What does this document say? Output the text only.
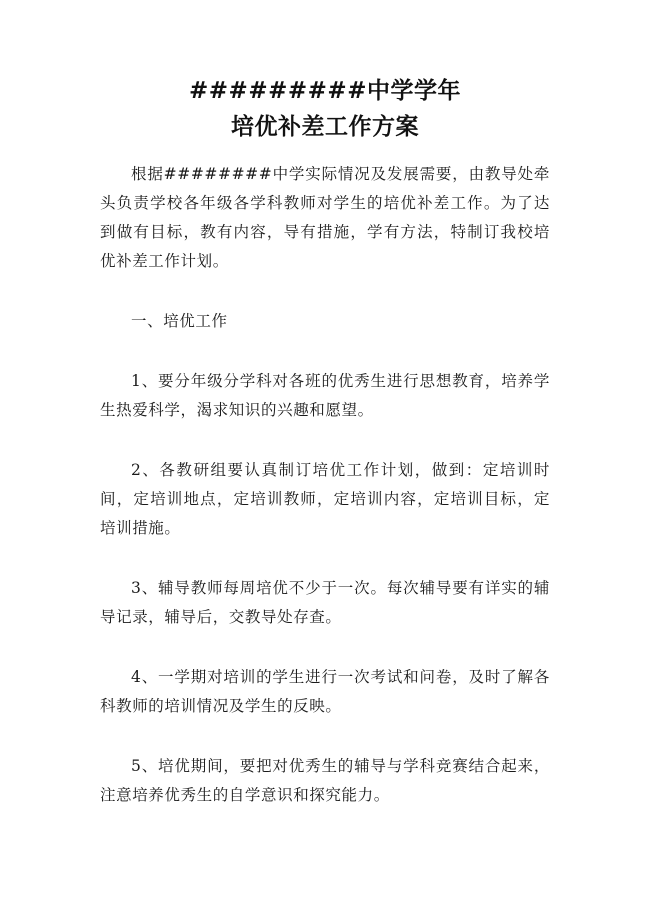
#########中学学年
培优补差工作方案

根据########中学实际情况及发展需要，由教导处牵头负责学校各年级各学科教师对学生的培优补差工作。为了达到做有目标，教有内容，导有措施，学有方法，特制订我校培优补差工作计划。

一、培优工作

1、要分年级分学科对各班的优秀生进行思想教育，培养学生热爱科学，渴求知识的兴趣和愿望。

2、各教研组要认真制订培优工作计划，做到：定培训时间，定培训地点，定培训教师，定培训内容，定培训目标，定培训措施。

3、辅导教师每周培优不少于一次。每次辅导要有详实的辅导记录，辅导后，交教导处存查。

4、一学期对培训的学生进行一次考试和问卷，及时了解各科教师的培训情况及学生的反映。

5、培优期间，要把对优秀生的辅导与学科竞赛结合起来，注意培养优秀生的自学意识和探究能力。
